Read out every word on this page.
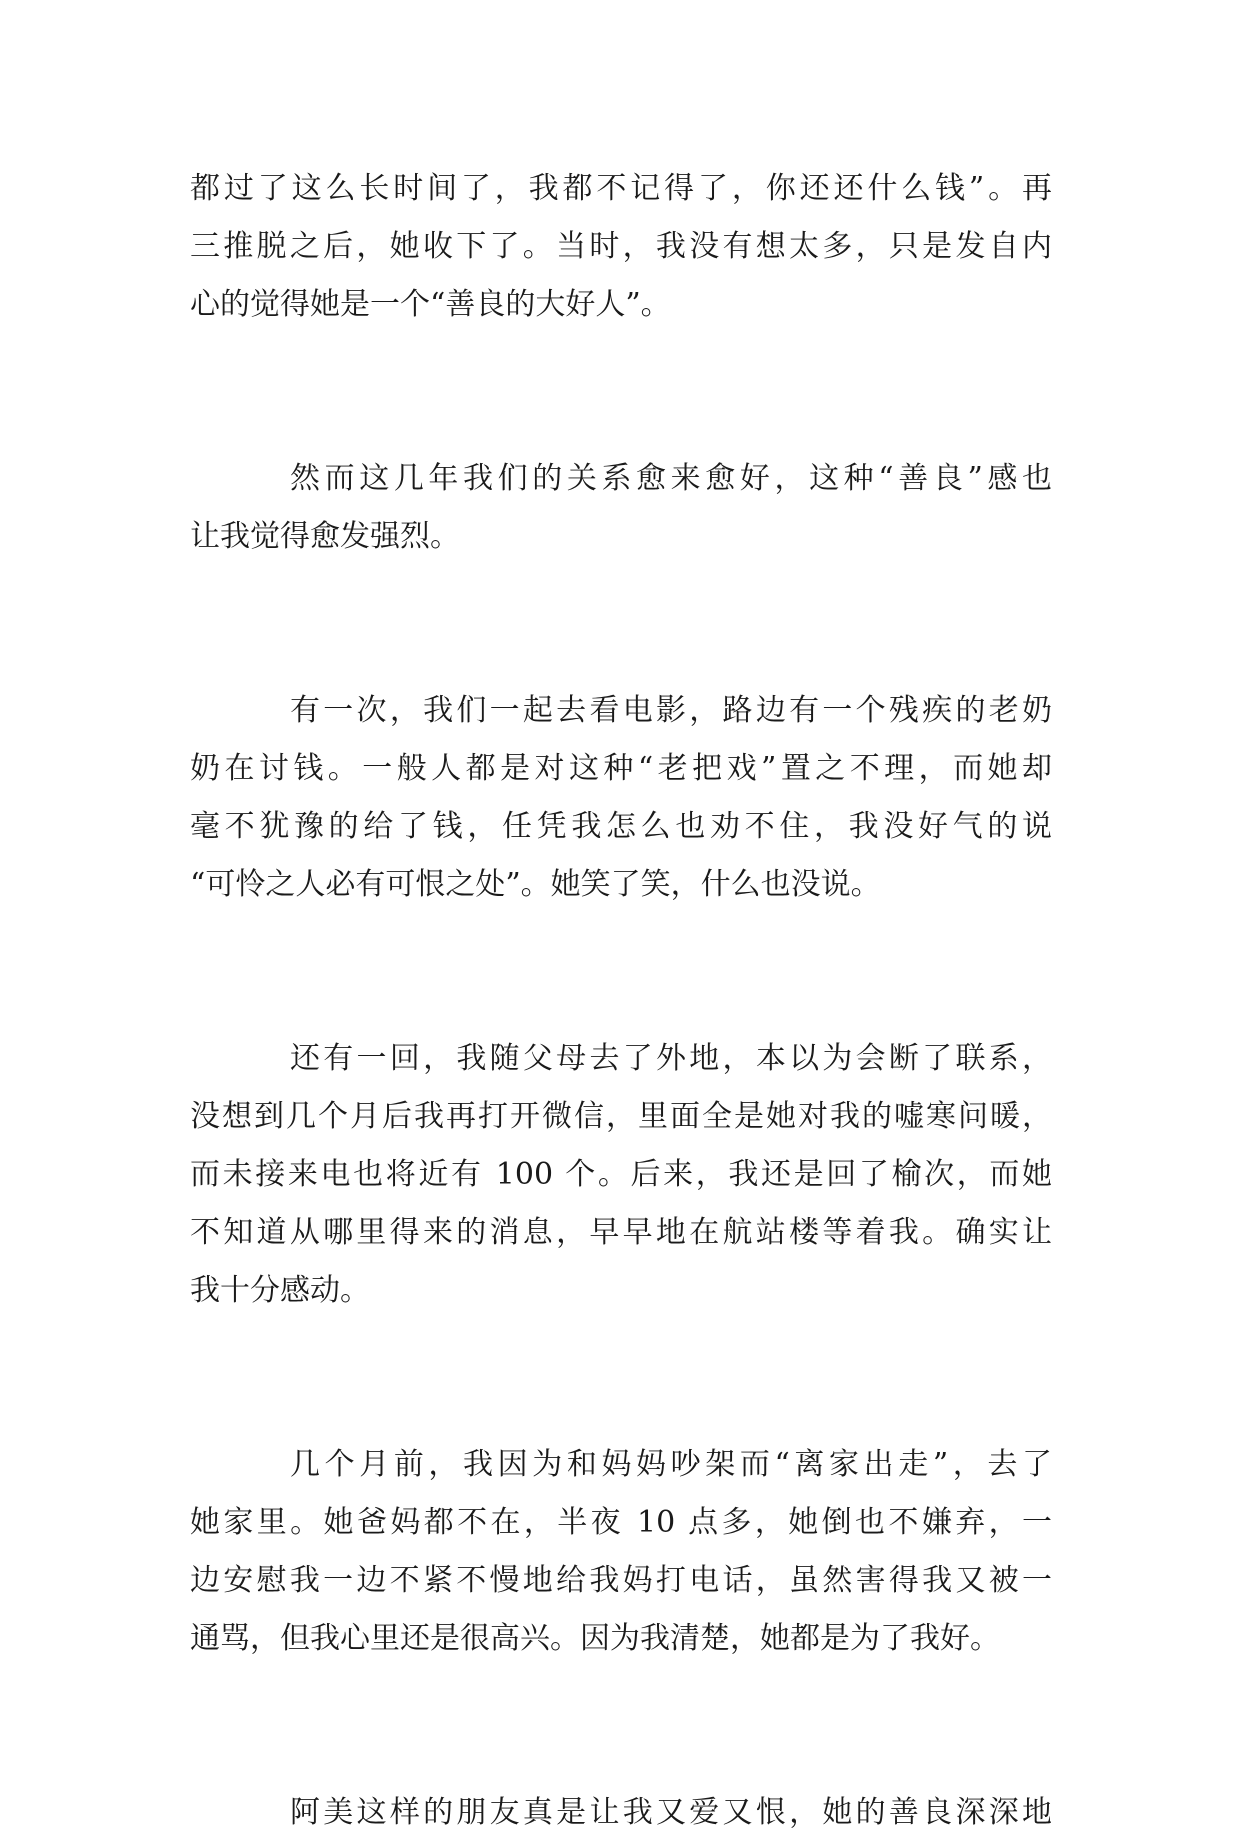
都过了这么长时间了，我都不记得了，你还还什么钱”。再
三推脱之后，她收下了。当时，我没有想太多，只是发自内
心的觉得她是一个“善良的大好人”。
然而这几年我们的关系愈来愈好，这种“善良”感也
让我觉得愈发强烈。
有一次，我们一起去看电影，路边有一个残疾的老奶
奶在讨钱。一般人都是对这种“老把戏”置之不理，而她却
毫不犹豫的给了钱，任凭我怎么也劝不住，我没好气的说
“可怜之人必有可恨之处”。她笑了笑，什么也没说。
还有一回，我随父母去了外地，本以为会断了联系，
没想到几个月后我再打开微信，里面全是她对我的嘘寒问暖，
而未接来电也将近有 100 个。后来，我还是回了榆次，而她
不知道从哪里得来的消息，早早地在航站楼等着我。确实让
我十分感动。
几个月前，我因为和妈妈吵架而“离家出走”，去了
她家里。她爸妈都不在，半夜 10 点多，她倒也不嫌弃，一
边安慰我一边不紧不慢地给我妈打电话，虽然害得我又被一
通骂，但我心里还是很高兴。因为我清楚，她都是为了我好。
阿美这样的朋友真是让我又爱又恨，她的善良深深地
